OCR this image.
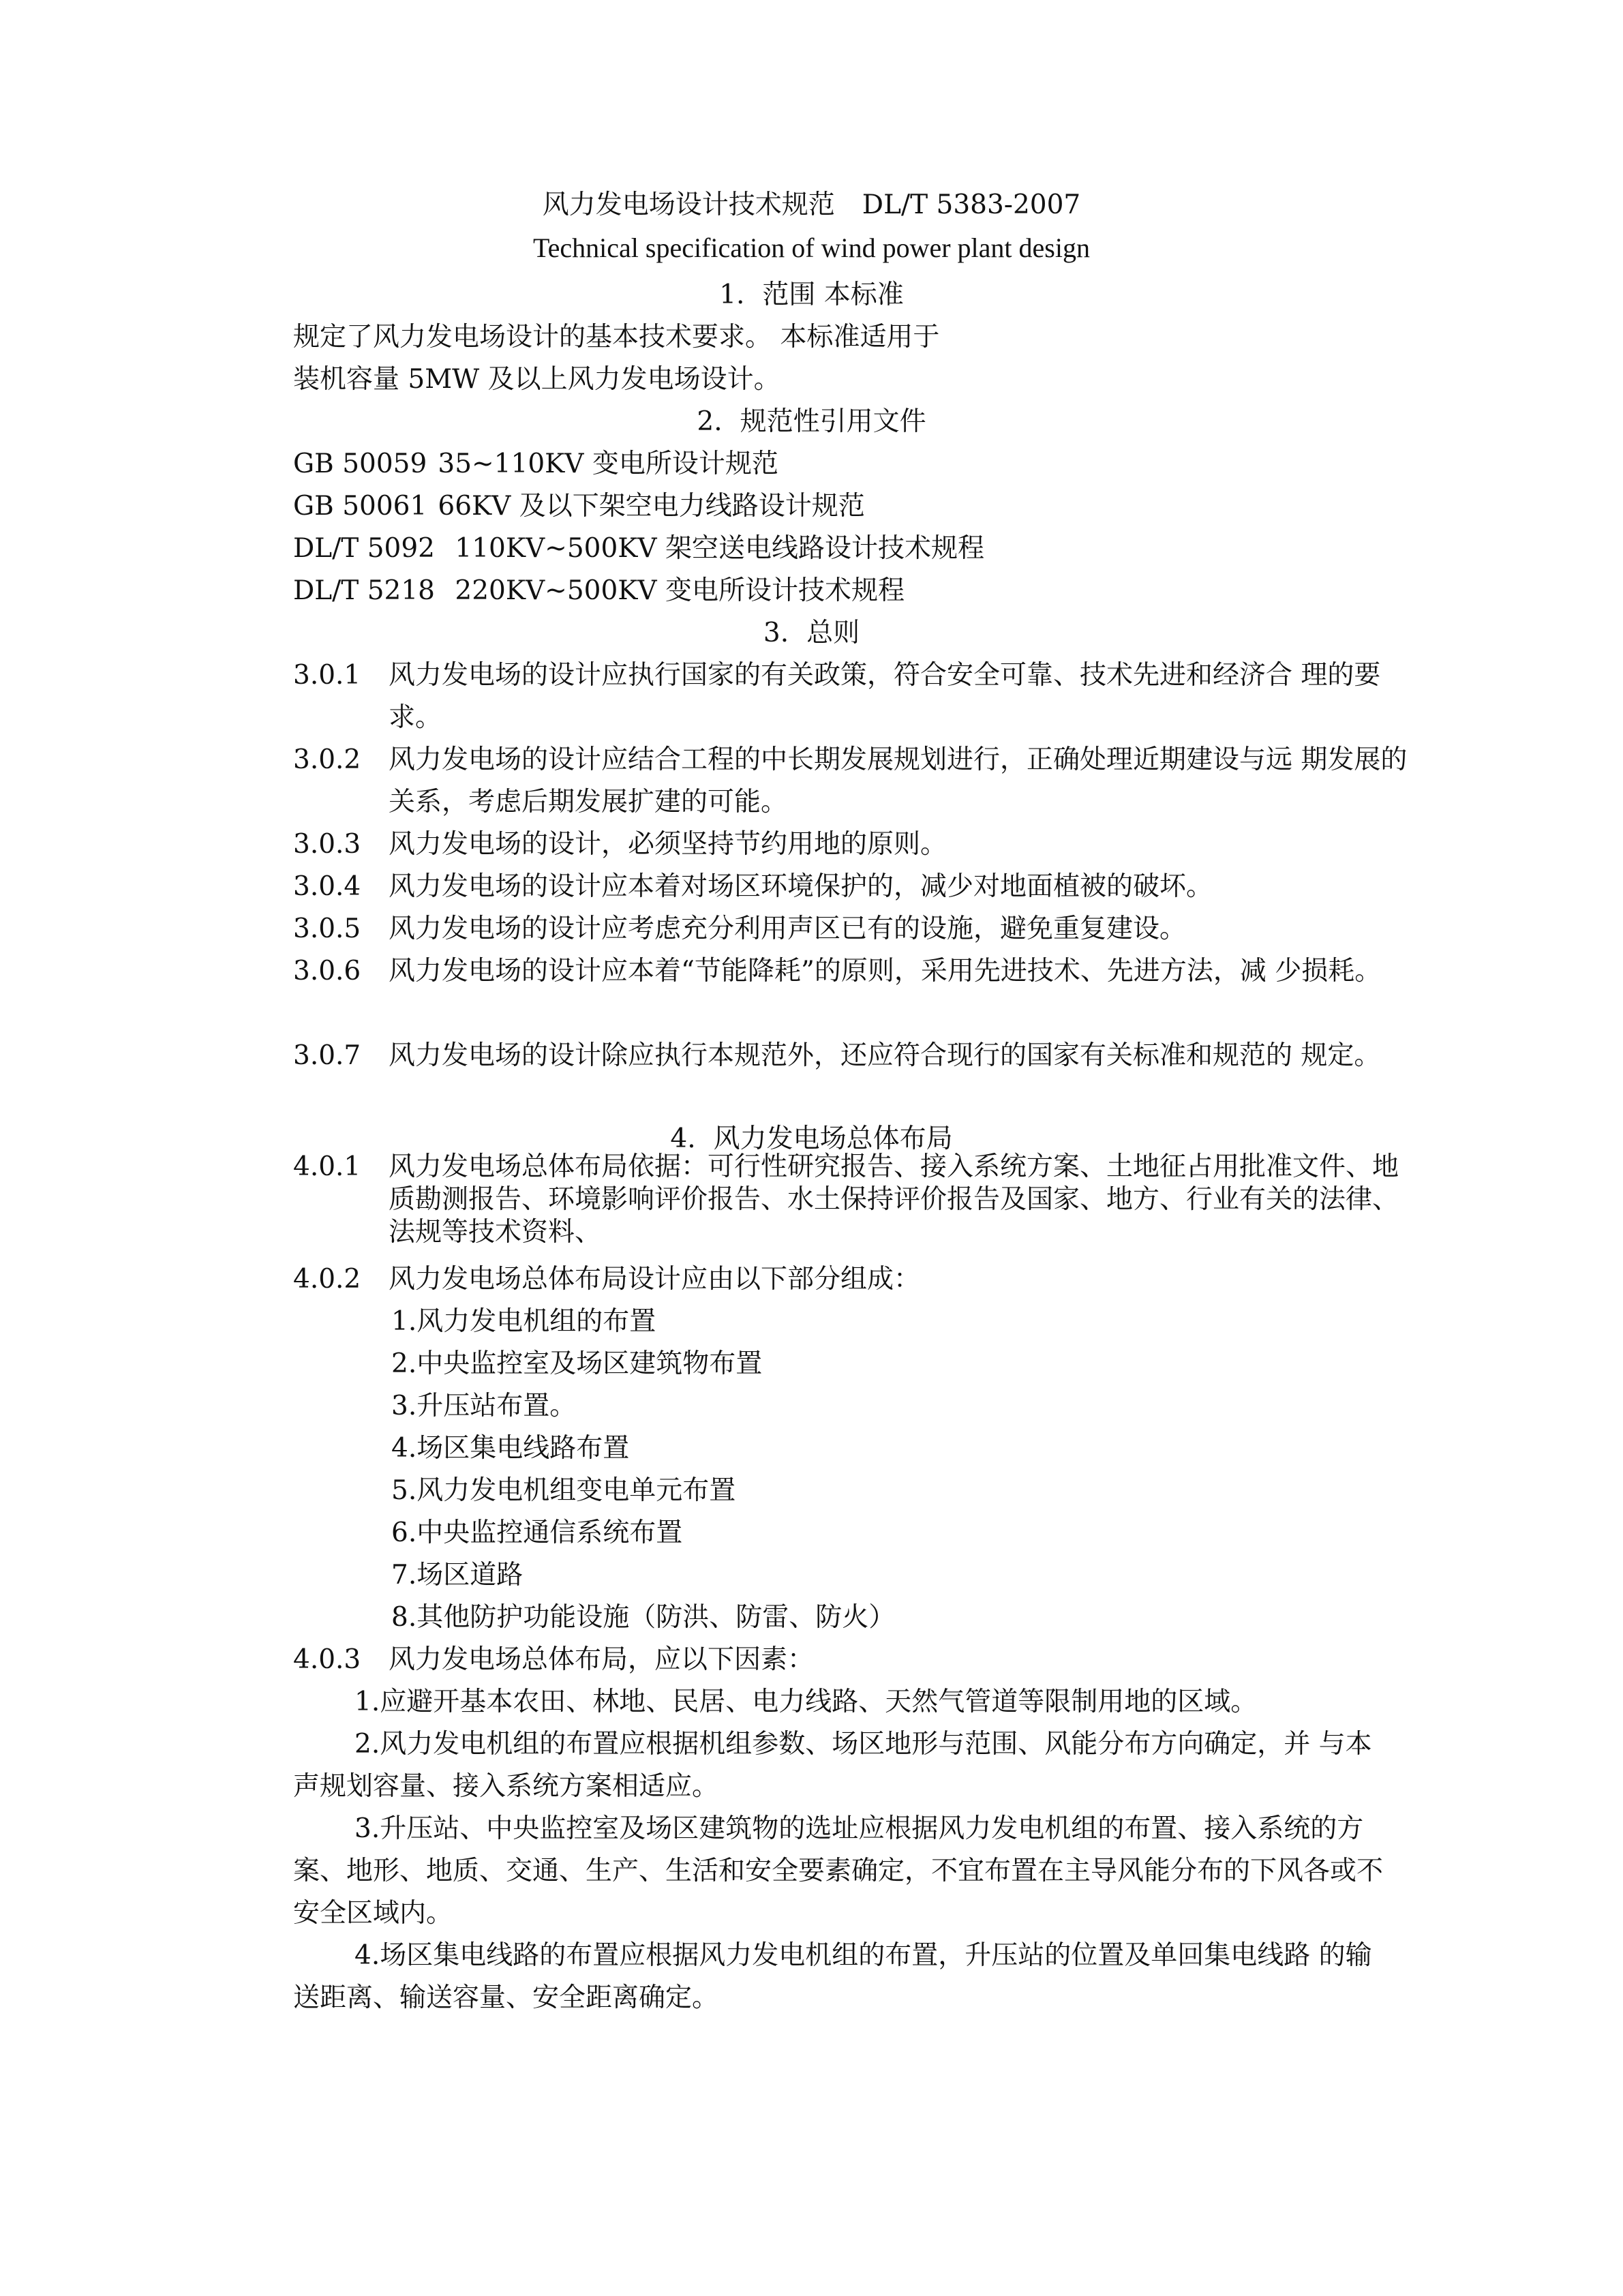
风力发电场设计技术规范 DL/T 5383-2007
Technical specification of wind power plant design
1. 范围 本标准
规定了风力发电场设计的基本技术要求。 本标准适用于
装机容量 5MW 及以上风力发电场设计。
2. 规范性引用文件
GB 50059 35~110KV 变电所设计规范
GB 50061 66KV 及以下架空电力线路设计规范
DL/T 5092 110KV~500KV 架空送电线路设计技术规程
DL/T 5218 220KV~500KV 变电所设计技术规程
3. 总则
3.0.1 风力发电场的设计应执行国家的有关政策，符合安全可靠、技术先进和经济合 理的要求。
3.0.2 风力发电场的设计应结合工程的中长期发展规划进行，正确处理近期建设与远 期发展的关系，考虑后期发展扩建的可能。
3.0.3 风力发电场的设计，必须坚持节约用地的原则。
3.0.4 风力发电场的设计应本着对场区环境保护的，减少对地面植被的破坏。
3.0.5 风力发电场的设计应考虑充分利用声区已有的设施，避免重复建设。
3.0.6 风力发电场的设计应本着“节能降耗”的原则，采用先进技术、先进方法，减 少损耗。
3.0.7 风力发电场的设计除应执行本规范外，还应符合现行的国家有关标准和规范的 规定。
4. 风力发电场总体布局
4.0.1 风力发电场总体布局依据：可行性研究报告、接入系统方案、土地征占用批准文件、地质勘测报告、环境影响评价报告、水土保持评价报告及国家、地方、行业有关的法律、法规等技术资料、
4.0.2 风力发电场总体布局设计应由以下部分组成：
1.风力发电机组的布置
2.中央监控室及场区建筑物布置
3.升压站布置。
4.场区集电线路布置
5.风力发电机组变电单元布置
6.中央监控通信系统布置
7.场区道路
8.其他防护功能设施（防洪、防雷、防火）
4.0.3 风力发电场总体布局，应以下因素：
1.应避开基本农田、林地、民居、电力线路、天然气管道等限制用地的区域。
2.风力发电机组的布置应根据机组参数、场区地形与范围、风能分布方向确定，并 与本声规划容量、接入系统方案相适应。
3.升压站、中央监控室及场区建筑物的选址应根据风力发电机组的布置、接入系统的方案、地形、地质、交通、生产、生活和安全要素确定，不宜布置在主导风能分布的下风各或不安全区域内。
4.场区集电线路的布置应根据风力发电机组的布置，升压站的位置及单回集电线路 的输送距离、输送容量、安全距离确定。
